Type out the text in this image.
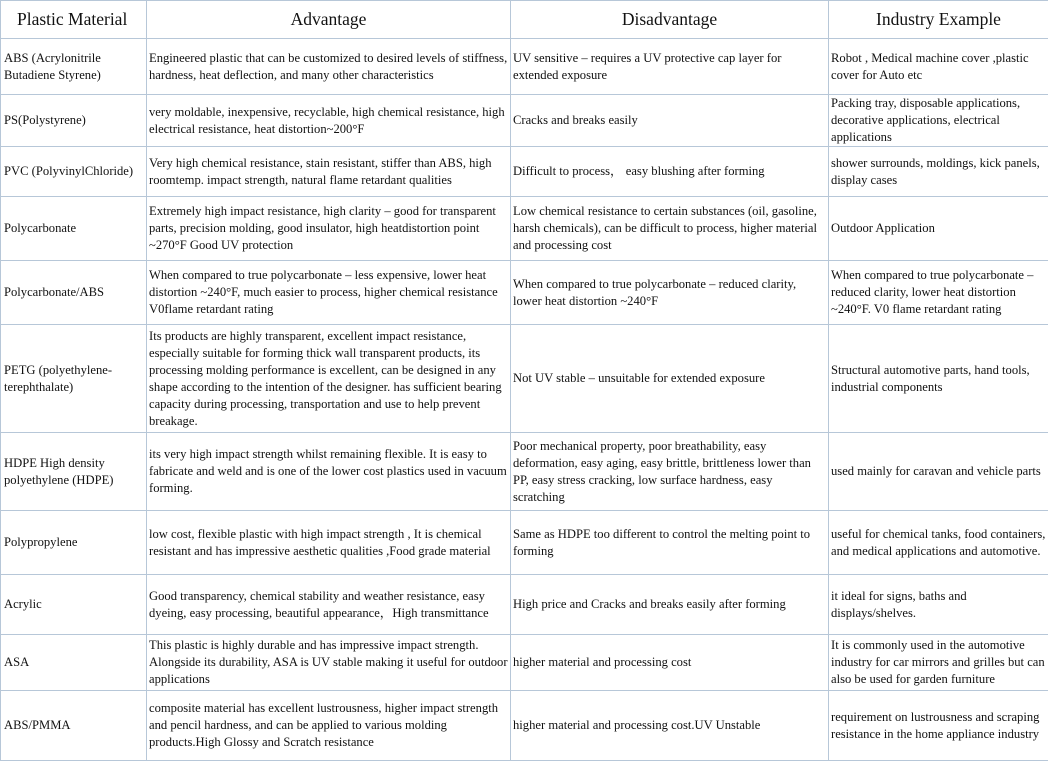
Plastic Material	Advantage	Disadvantage	Industry Example
ABS (Acrylonitrile Butadiene Styrene)	Engineered plastic that can be customized to desired levels of stiffness, hardness, heat deflection, and many other characteristics	UV sensitive – requires a UV protective cap layer for extended exposure	Robot , Medical machine cover ,plastic cover for Auto etc
PS(Polystyrene)	very moldable, inexpensive, recyclable, high chemical resistance, high electrical resistance, heat distortion~200°F	Cracks and breaks easily	Packing tray, disposable applications, decorative applications, electrical applications
PVC (PolyvinylChloride)	Very high chemical resistance, stain resistant, stiffer than ABS, high roomtemp. impact strength, natural flame retardant qualities	Difficult to process， easy blushing after forming	shower surrounds, moldings, kick panels, display cases
Polycarbonate	Extremely high impact resistance, high clarity – good for transparent parts, precision molding, good insulator, high heatdistortion point ~270°F Good UV protection	Low chemical resistance to certain substances (oil, gasoline, harsh chemicals), can be difficult to process, higher material and processing cost	Outdoor Application
Polycarbonate/ABS	When compared to true polycarbonate – less expensive, lower heat distortion ~240°F, much easier to process, higher chemical resistance V0flame retardant rating	When compared to true polycarbonate – reduced clarity, lower heat distortion ~240°F	When compared to true polycarbonate – reduced clarity, lower heat distortion ~240°F. V0 flame retardant rating
PETG (polyethylene-terephthalate)	Its products are highly transparent, excellent impact resistance, especially suitable for forming thick wall transparent products, its processing molding performance is excellent, can be designed in any shape according to the intention of the designer. has sufficient bearing capacity during processing, transportation and use to help prevent breakage.	Not UV stable – unsuitable for extended exposure	Structural automotive parts, hand tools, industrial components
HDPE High density polyethylene (HDPE)	its very high impact strength whilst remaining flexible. It is easy to fabricate and weld and is one of the lower cost plastics used in vacuum forming.	Poor mechanical property, poor breathability, easy deformation, easy aging, easy brittle, brittleness lower than PP, easy stress cracking, low surface hardness, easy scratching	used mainly for caravan and vehicle parts
Polypropylene	low cost, flexible plastic with high impact strength , It is chemical resistant and has impressive aesthetic qualities ,Food grade material	Same as HDPE too different to control the melting point to forming	useful for chemical tanks, food containers, and medical applications and automotive.
Acrylic	Good transparency, chemical stability and weather resistance, easy dyeing, easy processing, beautiful appearance，High transmittance	High price and Cracks and breaks easily after forming	it ideal for signs, baths and displays/shelves.
ASA	This plastic is highly durable and has impressive impact strength. Alongside its durability, ASA is UV stable making it useful for outdoor applications	higher material and processing cost	It is commonly used in the automotive industry for car mirrors and grilles but can also be used for garden furniture
ABS/PMMA	composite material has excellent lustrousness, higher impact strength and pencil hardness, and can be applied to various molding products.High Glossy and Scratch resistance	higher material and processing cost.UV Unstable	requirement on lustrousness and scraping resistance in the home appliance industry
